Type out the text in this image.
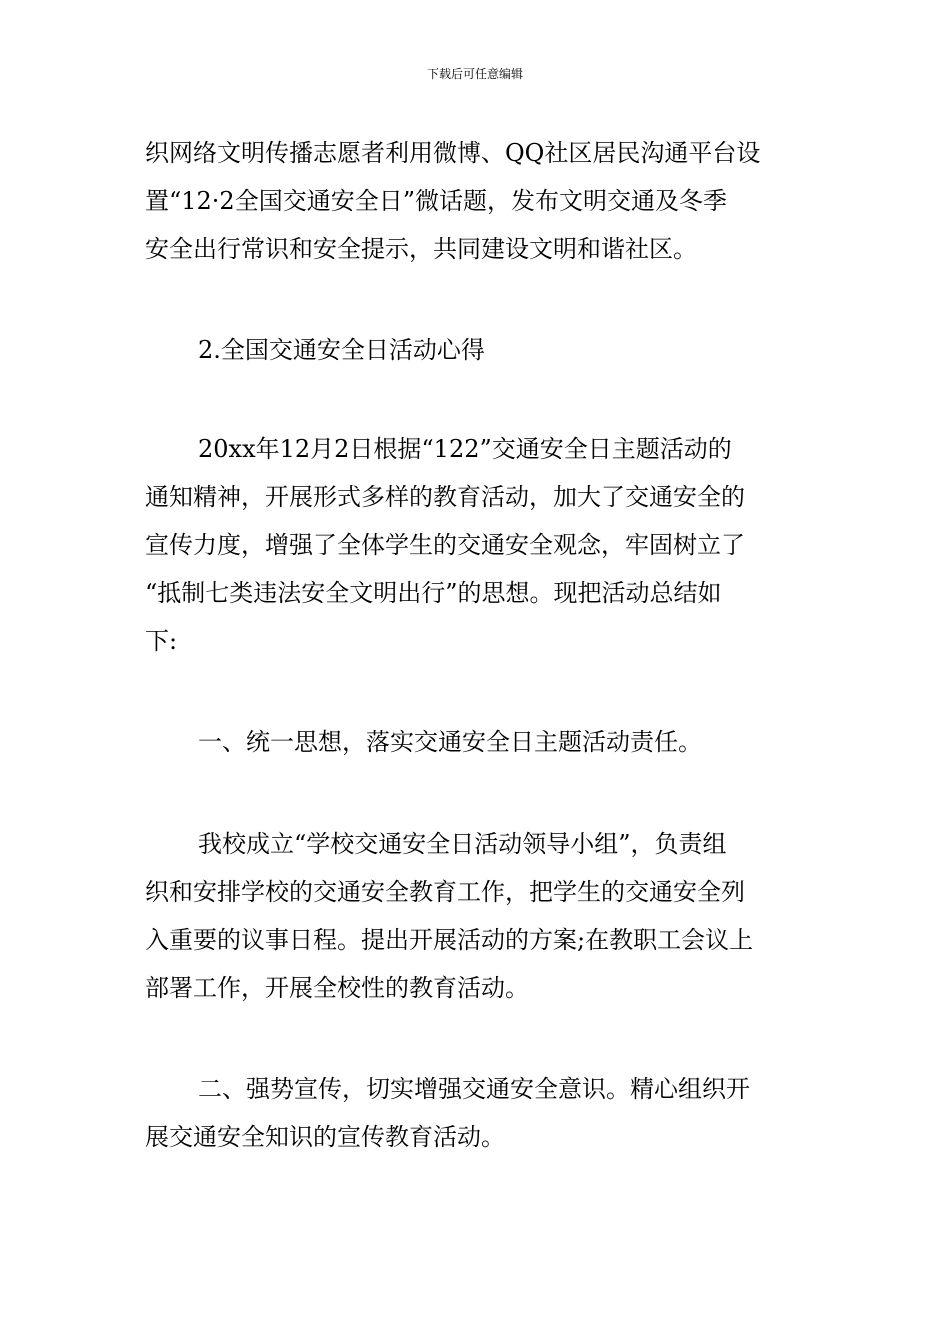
下载后可任意编辑
织网络文明传播志愿者利用微博、QQ社区居民沟通平台设
置“12·2全国交通安全日”微话题，发布文明交通及冬季
安全出行常识和安全提示，共同建设文明和谐社区。
2.全国交通安全日活动心得
20xx年12月2日根据“122”交通安全日主题活动的
通知精神，开展形式多样的教育活动，加大了交通安全的
宣传力度，增强了全体学生的交通安全观念，牢固树立了
“抵制七类违法安全文明出行”的思想。现把活动总结如
下:
一、统一思想，落实交通安全日主题活动责任。
我校成立“学校交通安全日活动领导小组”，负责组
织和安排学校的交通安全教育工作，把学生的交通安全列
入重要的议事日程。提出开展活动的方案;在教职工会议上
部署工作，开展全校性的教育活动。
二、强势宣传，切实增强交通安全意识。精心组织开
展交通安全知识的宣传教育活动。
